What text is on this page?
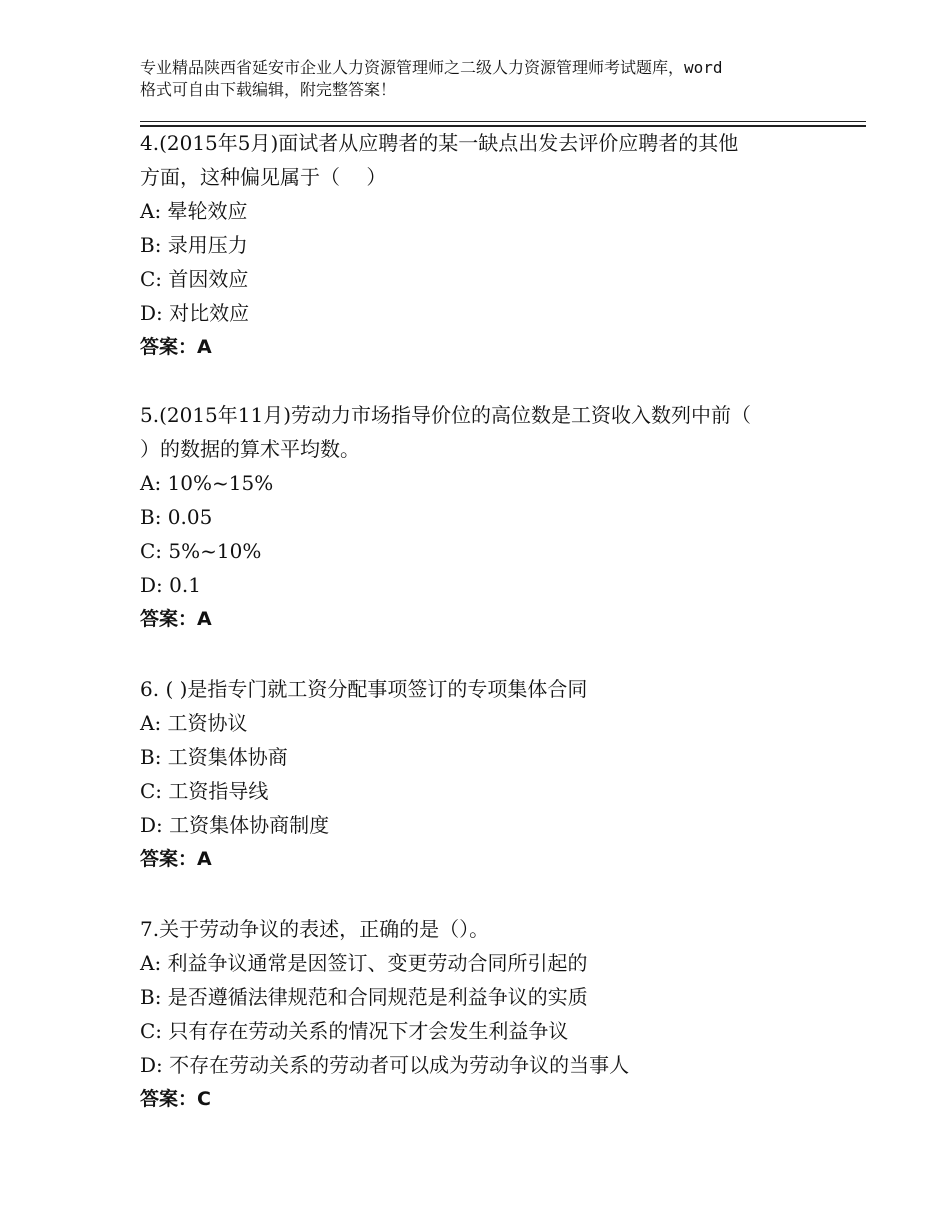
专业精品陕西省延安市企业人力资源管理师之二级人力资源管理师考试题库，word
格式可自由下载编辑，附完整答案！
4.(2015年5月)面试者从应聘者的某一缺点出发去评价应聘者的其他
方面，这种偏见属于（　 ）
A: 晕轮效应
B: 录用压力
C: 首因效应
D: 对比效应
答案：A
5.(2015年11月)劳动力市场指导价位的高位数是工资收入数列中前（
）的数据的算术平均数。
A: 10%~15%
B: 0.05
C: 5%~10%
D: 0.1
答案：A
6. ( )是指专门就工资分配事项签订的专项集体合同
A: 工资协议
B: 工资集体协商
C: 工资指导线
D: 工资集体协商制度
答案：A
7.关于劳动争议的表述，正确的是（）。
A: 利益争议通常是因签订、变更劳动合同所引起的
B: 是否遵循法律规范和合同规范是利益争议的实质
C: 只有存在劳动关系的情况下才会发生利益争议
D: 不存在劳动关系的劳动者可以成为劳动争议的当事人
答案：C
